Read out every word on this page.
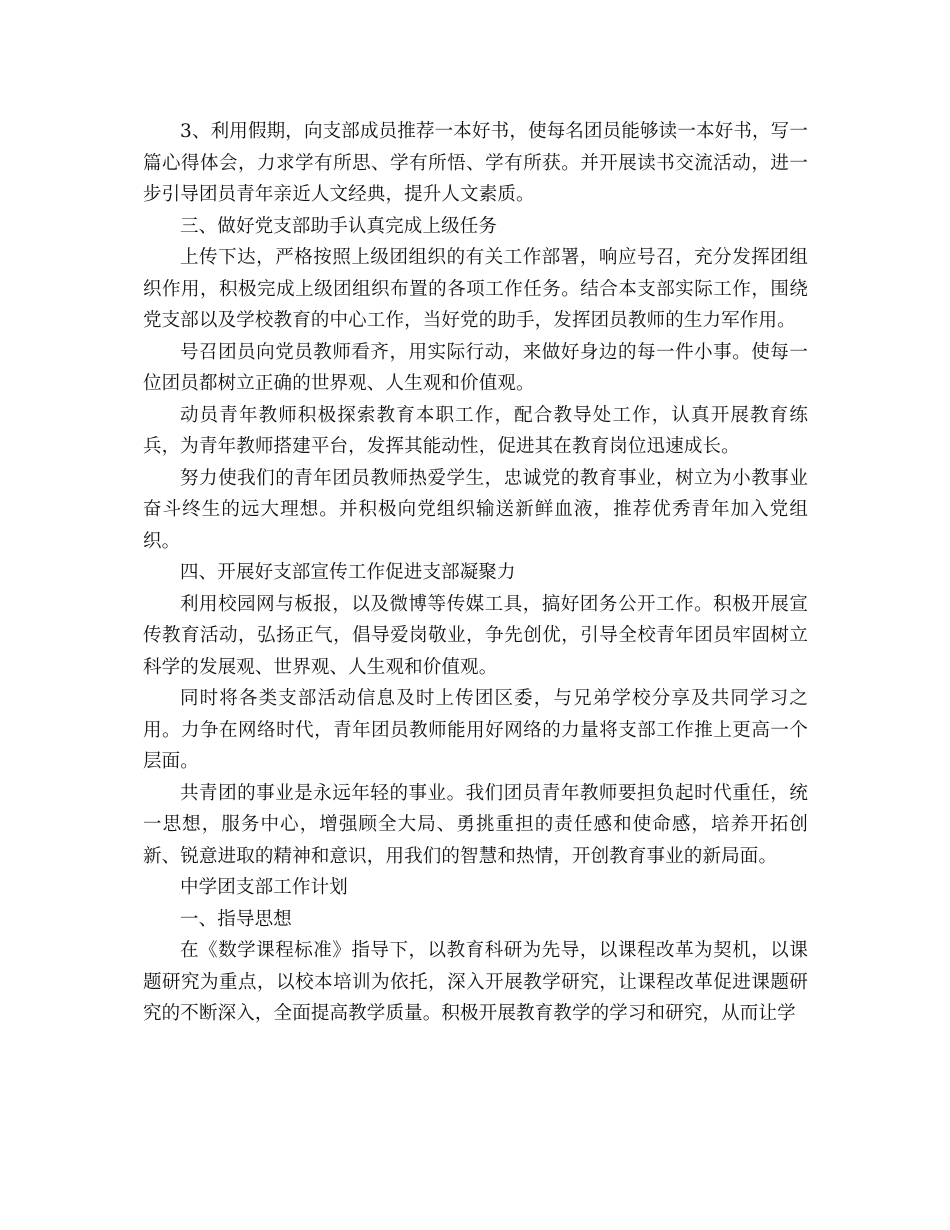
3、利用假期，向支部成员推荐一本好书，使每名团员能够读一本好书，写一篇心得体会，力求学有所思、学有所悟、学有所获。并开展读书交流活动，进一步引导团员青年亲近人文经典，提升人文素质。

三、做好党支部助手认真完成上级任务

上传下达，严格按照上级团组织的有关工作部署，响应号召，充分发挥团组织作用，积极完成上级团组织布置的各项工作任务。结合本支部实际工作，围绕党支部以及学校教育的中心工作，当好党的助手，发挥团员教师的生力军作用。

号召团员向党员教师看齐，用实际行动，来做好身边的每一件小事。使每一位团员都树立正确的世界观、人生观和价值观。

动员青年教师积极探索教育本职工作，配合教导处工作，认真开展教育练兵，为青年教师搭建平台，发挥其能动性，促进其在教育岗位迅速成长。

努力使我们的青年团员教师热爱学生，忠诚党的教育事业，树立为小教事业奋斗终生的远大理想。并积极向党组织输送新鲜血液，推荐优秀青年加入党组织。

四、开展好支部宣传工作促进支部凝聚力

利用校园网与板报，以及微博等传媒工具，搞好团务公开工作。积极开展宣传教育活动，弘扬正气，倡导爱岗敬业，争先创优，引导全校青年团员牢固树立科学的发展观、世界观、人生观和价值观。

同时将各类支部活动信息及时上传团区委，与兄弟学校分享及共同学习之用。力争在网络时代，青年团员教师能用好网络的力量将支部工作推上更高一个层面。

共青团的事业是永远年轻的事业。我们团员青年教师要担负起时代重任，统一思想，服务中心，增强顾全大局、勇挑重担的责任感和使命感，培养开拓创新、锐意进取的精神和意识，用我们的智慧和热情，开创教育事业的新局面。

中学团支部工作计划

一、指导思想

在《数学课程标准》指导下，以教育科研为先导，以课程改革为契机，以课题研究为重点，以校本培训为依托，深入开展教学研究，让课程改革促进课题研究的不断深入，全面提高教学质量。积极开展教育教学的学习和研究，从而让学
